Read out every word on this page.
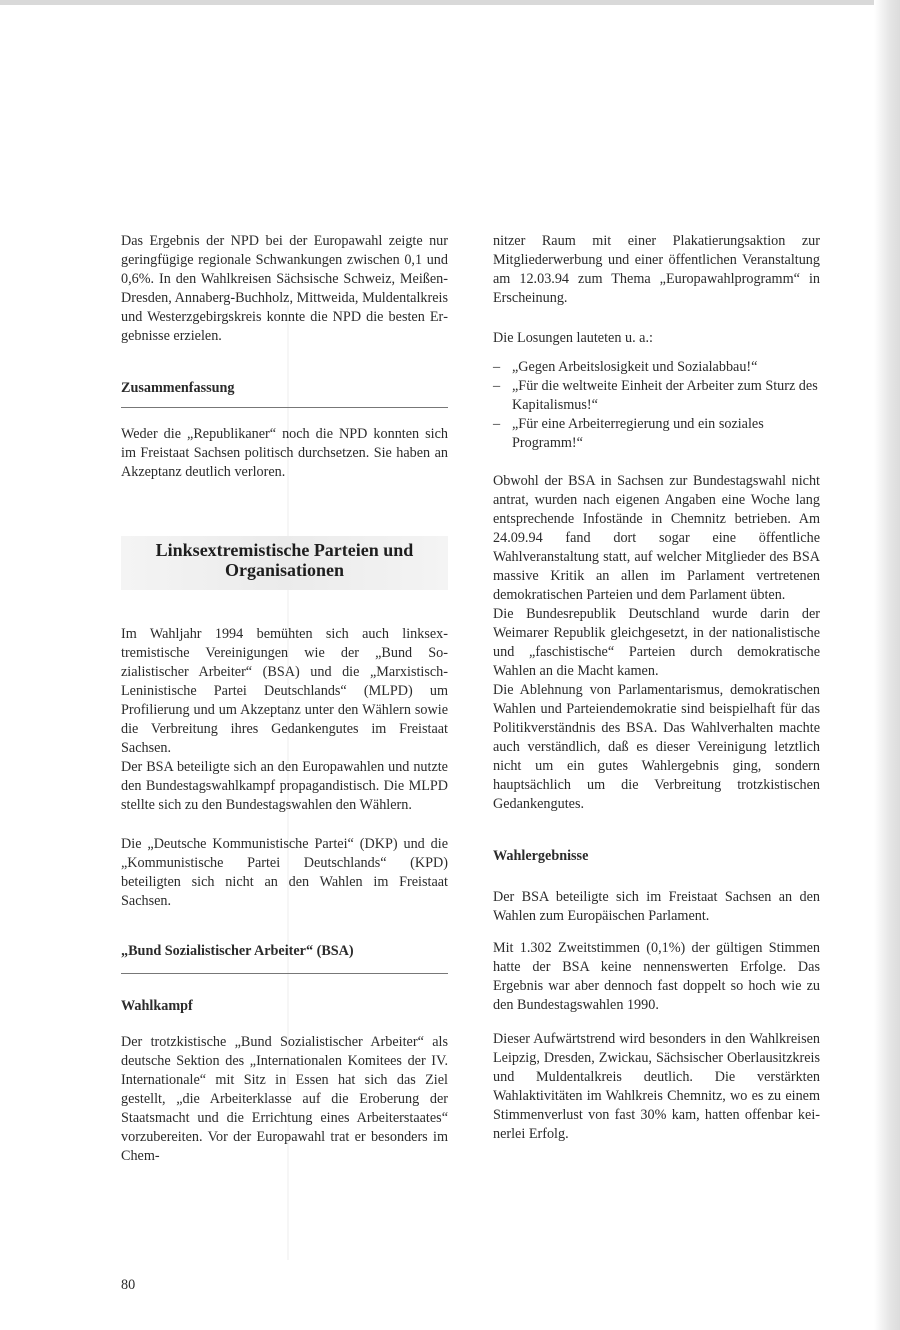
Das Ergebnis der NPD bei der Europawahl zeigte nur geringfügige regionale Schwankungen zwischen 0,1 und 0,6%. In den Wahlkreisen Sächsische Schweiz, Meißen-Dresden, Annaberg-Buchholz, Mittweida, Muldentalkreis und Westerzgebirgskreis konnte die NPD die besten Ergebnisse erzielen.

Zusammenfassung

Weder die „Republikaner“ noch die NPD konnten sich im Freistaat Sachsen politisch durchsetzen. Sie haben an Akzeptanz deutlich verloren.

Linksextremistische Parteien und
Organisationen

Im Wahljahr 1994 bemühten sich auch linksextremistische Vereinigungen wie der „Bund Sozialistischer Arbeiter“ (BSA) und die „Marxistisch-Leninistische Partei Deutschlands“ (MLPD) um Profilierung und um Akzeptanz unter den Wählern sowie die Verbreitung ihres Gedankengutes im Freistaat Sachsen.

Der BSA beteiligte sich an den Europawahlen und nutzte den Bundestagswahlkampf propagandistisch. Die MLPD stellte sich zu den Bundestagswahlen den Wählern.

Die „Deutsche Kommunistische Partei“ (DKP) und die „Kommunistische Partei Deutschlands“ (KPD) beteiligten sich nicht an den Wahlen im Freistaat Sachsen.

„Bund Sozialistischer Arbeiter“ (BSA)
Wahlkampf

Der trotzkistische „Bund Sozialistischer Arbeiter“ als deutsche Sektion des „Internationalen Komitees der IV. Internationale“ mit Sitz in Essen hat sich das Ziel gestellt, „die Arbeiterklasse auf die Eroberung der Staatsmacht und die Errichtung eines Arbeiterstaates“ vorzubereiten. Vor der Europawahl trat er besonders im Chem-

nitzer Raum mit einer Plakatierungsaktion zur Mitgliederwerbung und einer öffentlichen Veranstaltung am 12.03.94 zum Thema „Europawahlprogramm“ in Erscheinung.

Die Losungen lauteten u. a.:

– „Gegen Arbeitslosigkeit und Sozialabbau!“
– „Für die weltweite Einheit der Arbeiter zum Sturz des Kapitalismus!“
– „Für eine Arbeiterregierung und ein soziales Programm!“

Obwohl der BSA in Sachsen zur Bundestagswahl nicht antrat, wurden nach eigenen Angaben eine Woche lang entsprechende Infostände in Chemnitz betrieben. Am 24.09.94 fand dort sogar eine öffentliche Wahlveranstaltung statt, auf welcher Mitglieder des BSA massive Kritik an allen im Parlament vertretenen demokratischen Parteien und dem Parlament übten.

Die Bundesrepublik Deutschland wurde darin der Weimarer Republik gleichgesetzt, in der nationalistische und „faschistische“ Parteien durch demokratische Wahlen an die Macht kamen.

Die Ablehnung von Parlamentarismus, demokratischen Wahlen und Parteiendemokratie sind beispielhaft für das Politikverständnis des BSA. Das Wahlverhalten machte auch verständlich, daß es dieser Vereinigung letztlich nicht um ein gutes Wahlergebnis ging, sondern hauptsächlich um die Verbreitung trotzkistischen Gedankengutes.

Wahlergebnisse

Der BSA beteiligte sich im Freistaat Sachsen an den Wahlen zum Europäischen Parlament.

Mit 1.302 Zweitstimmen (0,1%) der gültigen Stimmen hatte der BSA keine nennenswerten Erfolge. Das Ergebnis war aber dennoch fast doppelt so hoch wie zu den Bundestagswahlen 1990.

Dieser Aufwärtstrend wird besonders in den Wahlkreisen Leipzig, Dresden, Zwickau, Sächsischer Oberlausitzkreis und Muldentalkreis deutlich. Die verstärkten Wahlaktivitäten im Wahlkreis Chemnitz, wo es zu einem Stimmenverlust von fast 30% kam, hatten offenbar keinerlei Erfolg.

80
